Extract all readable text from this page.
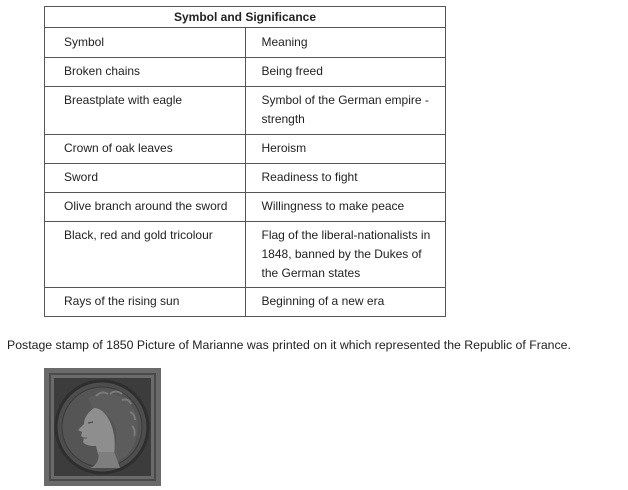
Symbol and Significance	
Symbol	Meaning
Broken chains	Being freed
Breastplate with eagle	Symbol of the German empire - strength
Crown of oak leaves	Heroism
Sword	Readiness to fight
Olive branch around the sword	Willingness to make peace
Black, red and gold tricolour	Flag of the liberal-nationalists in 1848, banned by the Dukes of the German states
Rays of the rising sun	Beginning of a new era
Postage stamp of 1850 Picture of Marianne was printed on it which represented the Republic of France.
